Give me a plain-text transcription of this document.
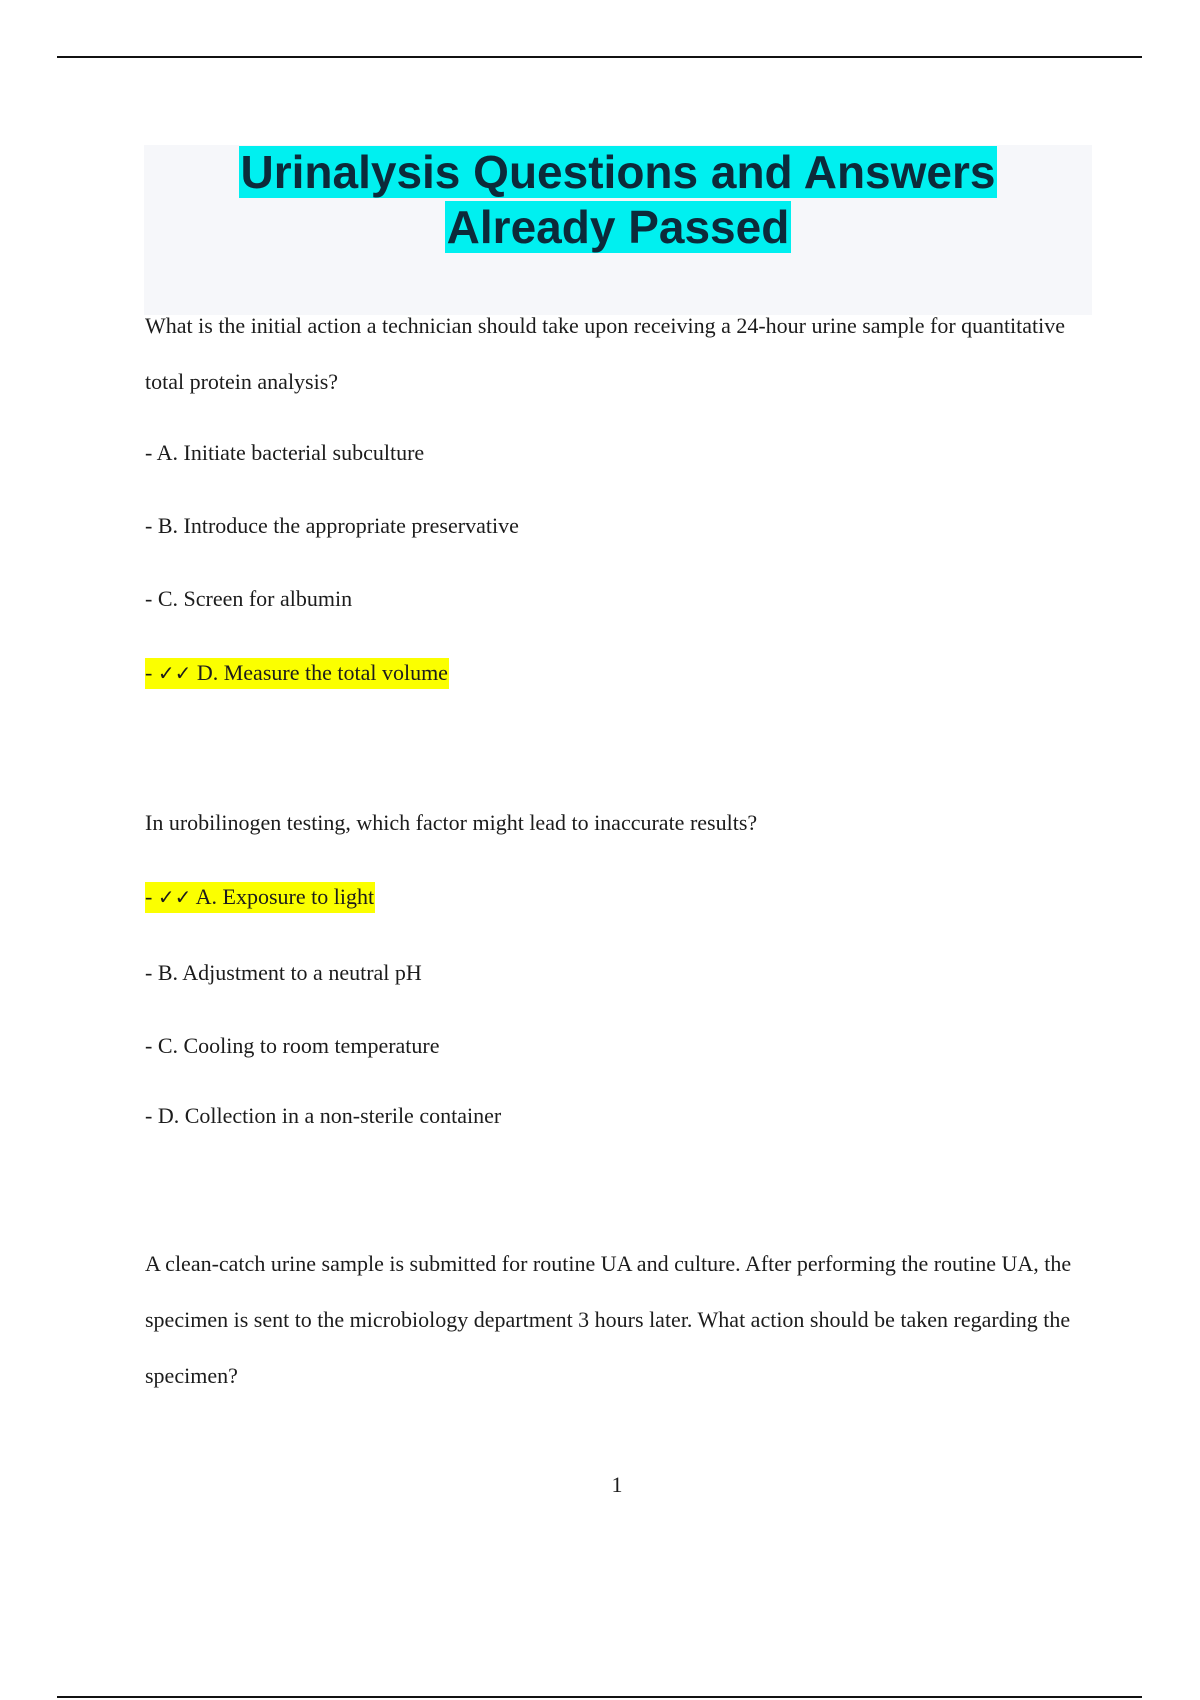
Urinalysis Questions and Answers
Already Passed
What is the initial action a technician should take upon receiving a 24-hour urine sample for quantitative total protein analysis?
- A. Initiate bacterial subculture
- B. Introduce the appropriate preservative
- C. Screen for albumin
- ✓✓ D. Measure the total volume
In urobilinogen testing, which factor might lead to inaccurate results?
- ✓✓ A. Exposure to light
- B. Adjustment to a neutral pH
- C. Cooling to room temperature
- D. Collection in a non-sterile container
A clean-catch urine sample is submitted for routine UA and culture. After performing the routine UA, the specimen is sent to the microbiology department 3 hours later. What action should be taken regarding the specimen?
1
